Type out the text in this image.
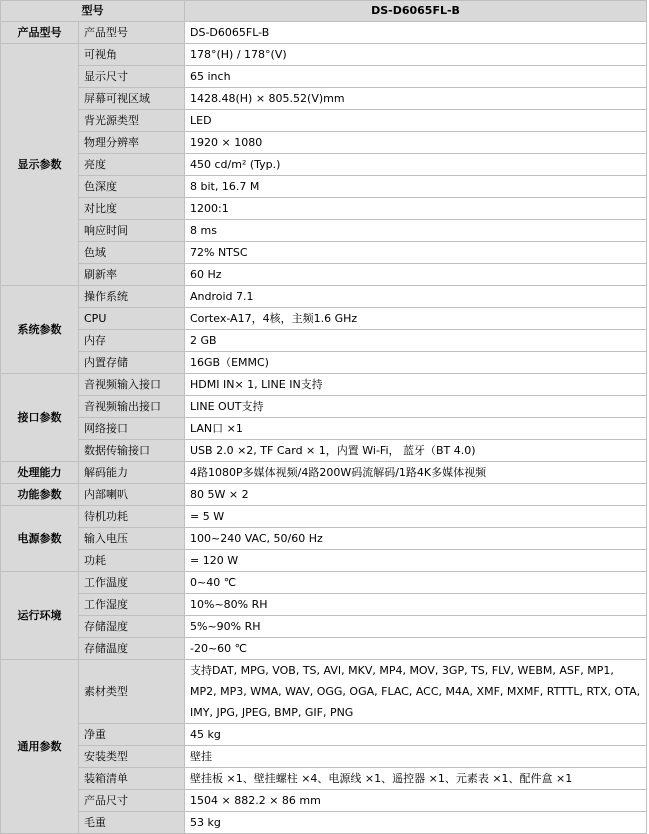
型号		DS-D6065FL-B
产品型号	产品型号	DS-D6065FL-B
显示参数	可视角	178°(H) / 178°(V)
	显示尺寸	65 inch
	屏幕可视区域	1428.48(H) × 805.52(V)mm
	背光源类型	LED
	物理分辨率	1920 × 1080
	亮度	450 cd/m² (Typ.)
	色深度	8 bit, 16.7 M
	对比度	1200:1
	响应时间	8 ms
	色域	72% NTSC
	刷新率	60 Hz
系统参数	操作系统	Android 7.1
	CPU	Cortex-A17，4核，主频1.6 GHz
	内存	2 GB
	内置存储	16GB（EMMC)
接口参数	音视频输入接口	HDMI IN× 1, LINE IN支持
	音视频输出接口	LINE OUT支持
	网络接口	LAN口 ×1
	数据传输接口	USB 2.0 ×2, TF Card × 1，内置 Wi-Fi， 蓝牙（BT 4.0)
处理能力	解码能力	4路1080P多媒体视频/4路200W码流解码/1路4K多媒体视频
功能参数	内部喇叭	80 5W × 2
电源参数	待机功耗	= 5 W
	输入电压	100~240 VAC, 50/60 Hz
	功耗	= 120 W
运行环境	工作温度	0~40 ℃
	工作湿度	10%~80% RH
	存储湿度	5%~90% RH
	存储温度	-20~60 ℃
通用参数	素材类型	支持DAT, MPG, VOB, TS, AVI, MKV, MP4, MOV, 3GP, TS, FLV, WEBM, ASF, MP1, MP2, MP3, WMA, WAV, OGG, OGA, FLAC, ACC, M4A, XMF, MXMF, RTTTL, RTX, OTA, IMY, JPG, JPEG, BMP, GIF, PNG
	净重	45 kg
	安装类型	壁挂
	装箱清单	壁挂板 ×1、壁挂螺柱 ×4、电源线 ×1、遥控器 ×1、元素表 ×1、配件盒 ×1
	产品尺寸	1504 × 882.2 × 86 mm
	毛重	53 kg
